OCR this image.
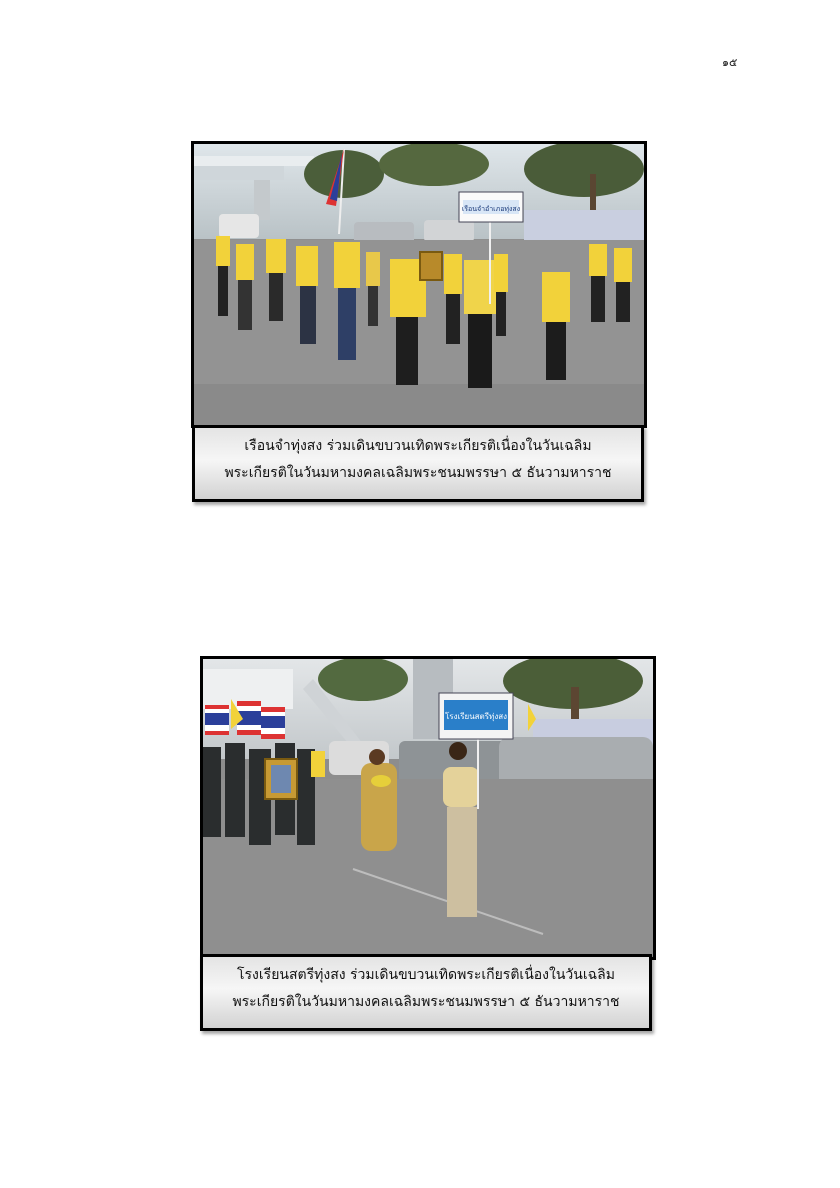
๑๕
เรือนจำอำเภอทุ่งสง
เรือนจำทุ่งสง ร่วมเดินขบวนเทิดพระเกียรติเนื่องในวันเฉลิม
พระเกียรติในวันมหามงคลเฉลิมพระชนมพรรษา ๕ ธันวามหาราช
โรงเรียนสตรีทุ่งสง
โรงเรียนสตรีทุ่งสง ร่วมเดินขบวนเทิดพระเกียรติเนื่องในวันเฉลิม
พระเกียรติในวันมหามงคลเฉลิมพระชนมพรรษา ๕ ธันวามหาราช
